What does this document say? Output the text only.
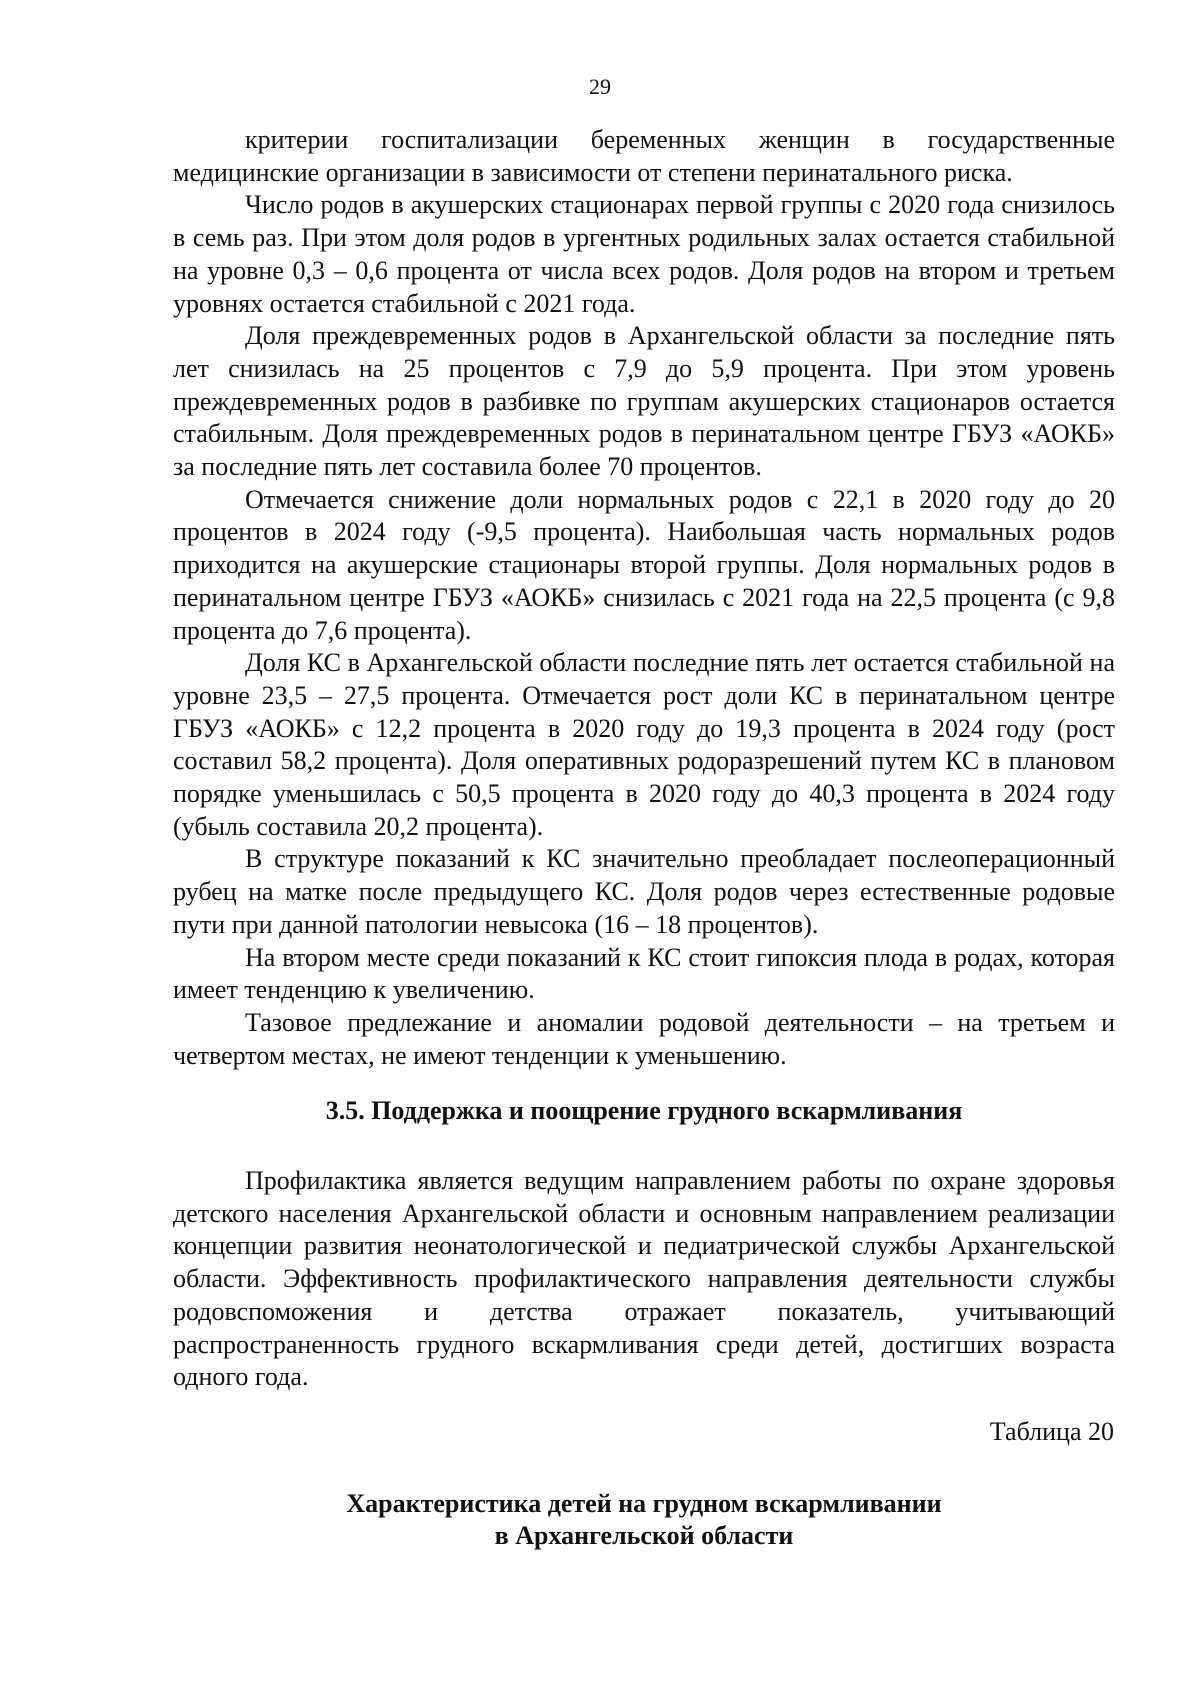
29

критерии госпитализации беременных женщин в государственные медицинские организации в зависимости от степени перинатального риска.

Число родов в акушерских стационарах первой группы с 2020 года снизилось в семь раз. При этом доля родов в ургентных родильных залах остается стабильной на уровне 0,3 – 0,6 процента от числа всех родов. Доля родов на втором и третьем уровнях остается стабильной с 2021 года.

Доля преждевременных родов в Архангельской области за последние пять лет снизилась на 25 процентов с 7,9 до 5,9 процента. При этом уровень преждевременных родов в разбивке по группам акушерских стационаров остается стабильным. Доля преждевременных родов в перинатальном центре ГБУЗ «АОКБ» за последние пять лет составила более 70 процентов.

Отмечается снижение доли нормальных родов с 22,1 в 2020 году до 20 процентов в 2024 году (-9,5 процента). Наибольшая часть нормальных родов приходится на акушерские стационары второй группы. Доля нормальных родов в перинатальном центре ГБУЗ «АОКБ» снизилась с 2021 года на 22,5 процента (с 9,8 процента до 7,6 процента).

Доля КС в Архангельской области последние пять лет остается стабильной на уровне 23,5 – 27,5 процента. Отмечается рост доли КС в перинатальном центре ГБУЗ «АОКБ» с 12,2 процента в 2020 году до 19,3 процента в 2024 году (рост составил 58,2 процента). Доля оперативных родоразрешений путем КС в плановом порядке уменьшилась с 50,5 процента в 2020 году до 40,3 процента в 2024 году (убыль составила 20,2 процента).

В структуре показаний к КС значительно преобладает послеоперационный рубец на матке после предыдущего КС. Доля родов через естественные родовые пути при данной патологии невысока (16 – 18 процентов).

На втором месте среди показаний к КС стоит гипоксия плода в родах, которая имеет тенденцию к увеличению.

Тазовое предлежание и аномалии родовой деятельности – на третьем и четвертом местах, не имеют тенденции к уменьшению.

3.5. Поддержка и поощрение грудного вскармливания

Профилактика является ведущим направлением работы по охране здоровья детского населения Архангельской области и основным направлением реализации концепции развития неонатологической и педиатрической службы Архангельской области. Эффективность профилактического направления деятельности службы родовспоможения и детства отражает показатель, учитывающий распространенность грудного вскармливания среди детей, достигших возраста одного года.

Таблица 20
Характеристика детей на грудном вскармливании
в Архангельской области
